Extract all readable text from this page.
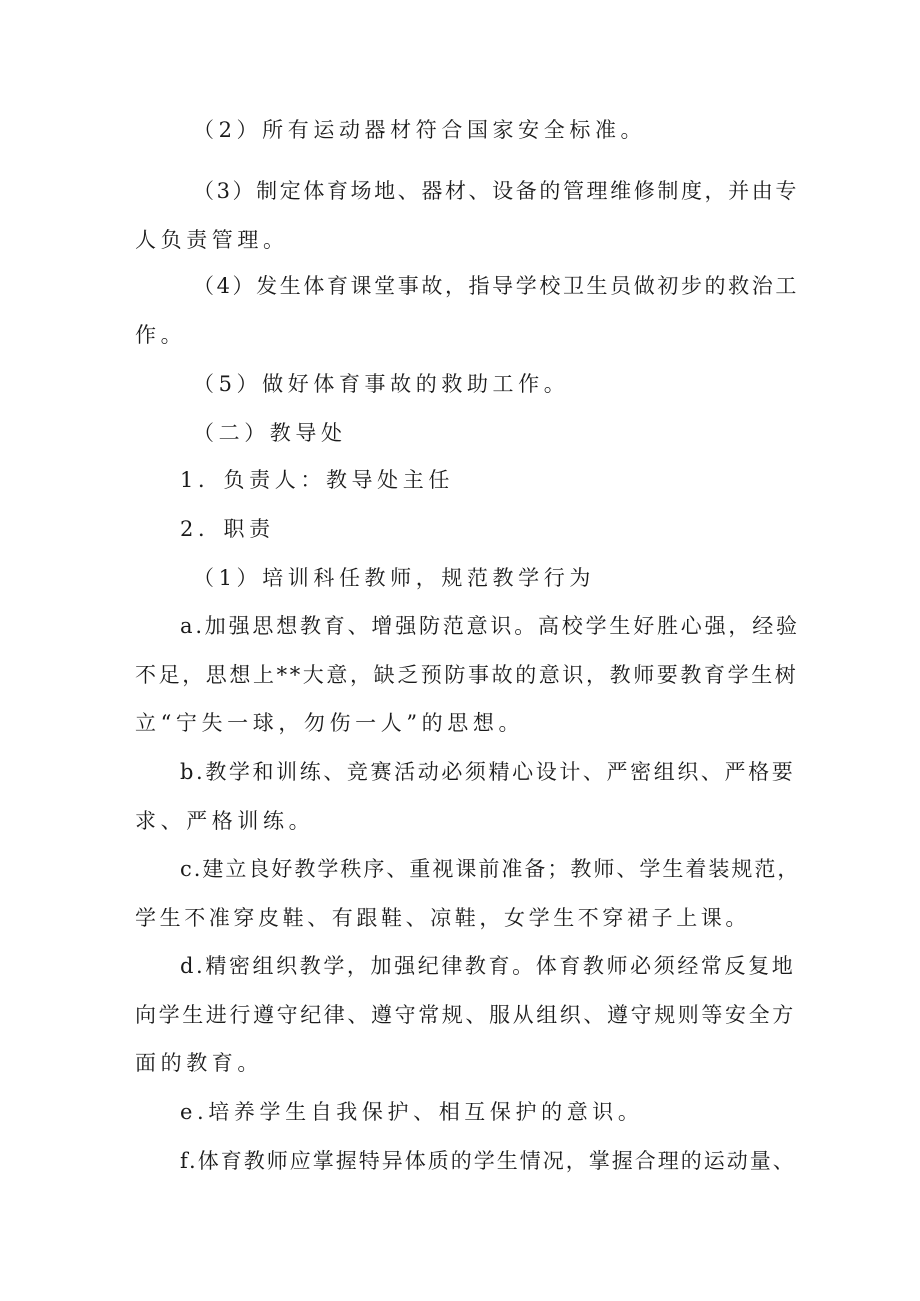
（2）所有运动器材符合国家安全标准。

（3）制定体育场地、器材、设备的管理维修制度，并由专

人负责管理。

（4）发生体育课堂事故，指导学校卫生员做初步的救治工

作。

（5）做好体育事故的救助工作。

（二）教导处

1．负责人：教导处主任

2．职责

（1）培训科任教师，规范教学行为

a.加强思想教育、增强防范意识。高校学生好胜心强，经验

不足，思想上**大意，缺乏预防事故的意识，教师要教育学生树

立“宁失一球，勿伤一人”的思想。

b.教学和训练、竞赛活动必须精心设计、严密组织、严格要

求、严格训练。

c.建立良好教学秩序、重视课前准备；教师、学生着装规范，

学生不准穿皮鞋、有跟鞋、凉鞋，女学生不穿裙子上课。

d.精密组织教学，加强纪律教育。体育教师必须经常反复地

向学生进行遵守纪律、遵守常规、服从组织、遵守规则等安全方

面的教育。

e.培养学生自我保护、相互保护的意识。

f.体育教师应掌握特异体质的学生情况，掌握合理的运动量、
